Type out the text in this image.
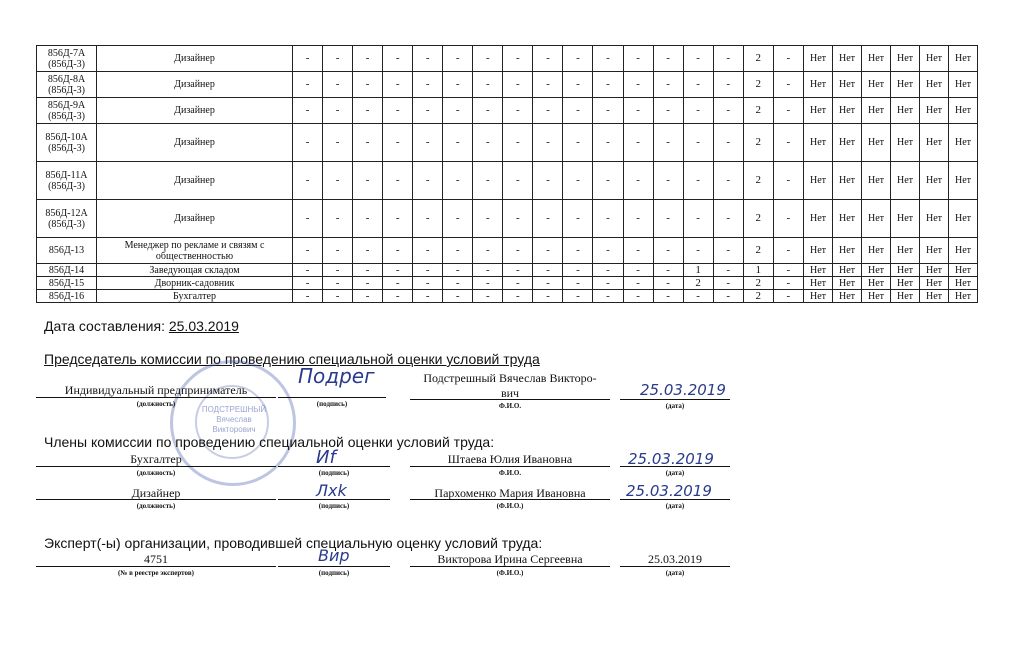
856Д-7А (856Д-3)	Дизайнер	-	-	-	-	-	-	-	-	-	-	-	-	-	-	-	2	-	Нет	Нет	Нет	Нет	Нет	Нет
856Д-8А (856Д-3)	Дизайнер	-	-	-	-	-	-	-	-	-	-	-	-	-	-	-	2	-	Нет	Нет	Нет	Нет	Нет	Нет
856Д-9А (856Д-3)	Дизайнер	-	-	-	-	-	-	-	-	-	-	-	-	-	-	-	2	-	Нет	Нет	Нет	Нет	Нет	Нет
856Д-10А (856Д-3)	Дизайнер	-	-	-	-	-	-	-	-	-	-	-	-	-	-	-	2	-	Нет	Нет	Нет	Нет	Нет	Нет
856Д-11А (856Д-3)	Дизайнер	-	-	-	-	-	-	-	-	-	-	-	-	-	-	-	2	-	Нет	Нет	Нет	Нет	Нет	Нет
856Д-12А (856Д-3)	Дизайнер	-	-	-	-	-	-	-	-	-	-	-	-	-	-	-	2	-	Нет	Нет	Нет	Нет	Нет	Нет
856Д-13	Менеджер по рекламе и связям с общественностью	-	-	-	-	-	-	-	-	-	-	-	-	-	-	-	2	-	Нет	Нет	Нет	Нет	Нет	Нет
856Д-14	Заведующая складом	-	-	-	-	-	-	-	-	-	-	-	-	-	1	-	1	-	Нет	Нет	Нет	Нет	Нет	Нет
856Д-15	Дворник-садовник	-	-	-	-	-	-	-	-	-	-	-	-	-	2	-	2	-	Нет	Нет	Нет	Нет	Нет	Нет
856Д-16	Бухгалтер	-	-	-	-	-	-	-	-	-	-	-	-	-	-	-	2	-	Нет	Нет	Нет	Нет	Нет	Нет
Дата составления: 25.03.2019
Председатель комиссии по проведению специальной оценки условий труда
ПОДСТРЕШНЫЙ
Вячеслав
Викторович
Индивидуальный предприниматель
(должность)
Подрег
(подпись)
Подстрешный Вячеслав Викторо-
вич
Ф.И.О.
25.03.2019
(дата)
Члены комиссии по проведению специальной оценки условий труда:
Бухгалтер
(должность)
Иf
(подпись)
Штаева Юлия Ивановна
Ф.И.О.
25.03.2019
(дата)
Дизайнер
(должность)
Лхk
(подпись)
Пархоменко Мария Ивановна
(Ф.И.О.)
25.03.2019
(дата)
Эксперт(-ы) организации, проводившей специальную оценку условий труда:
4751
(№ в реестре экспертов)
Вир
(подпись)
Викторова Ирина Сергеевна
(Ф.И.О.)
25.03.2019
(дата)
